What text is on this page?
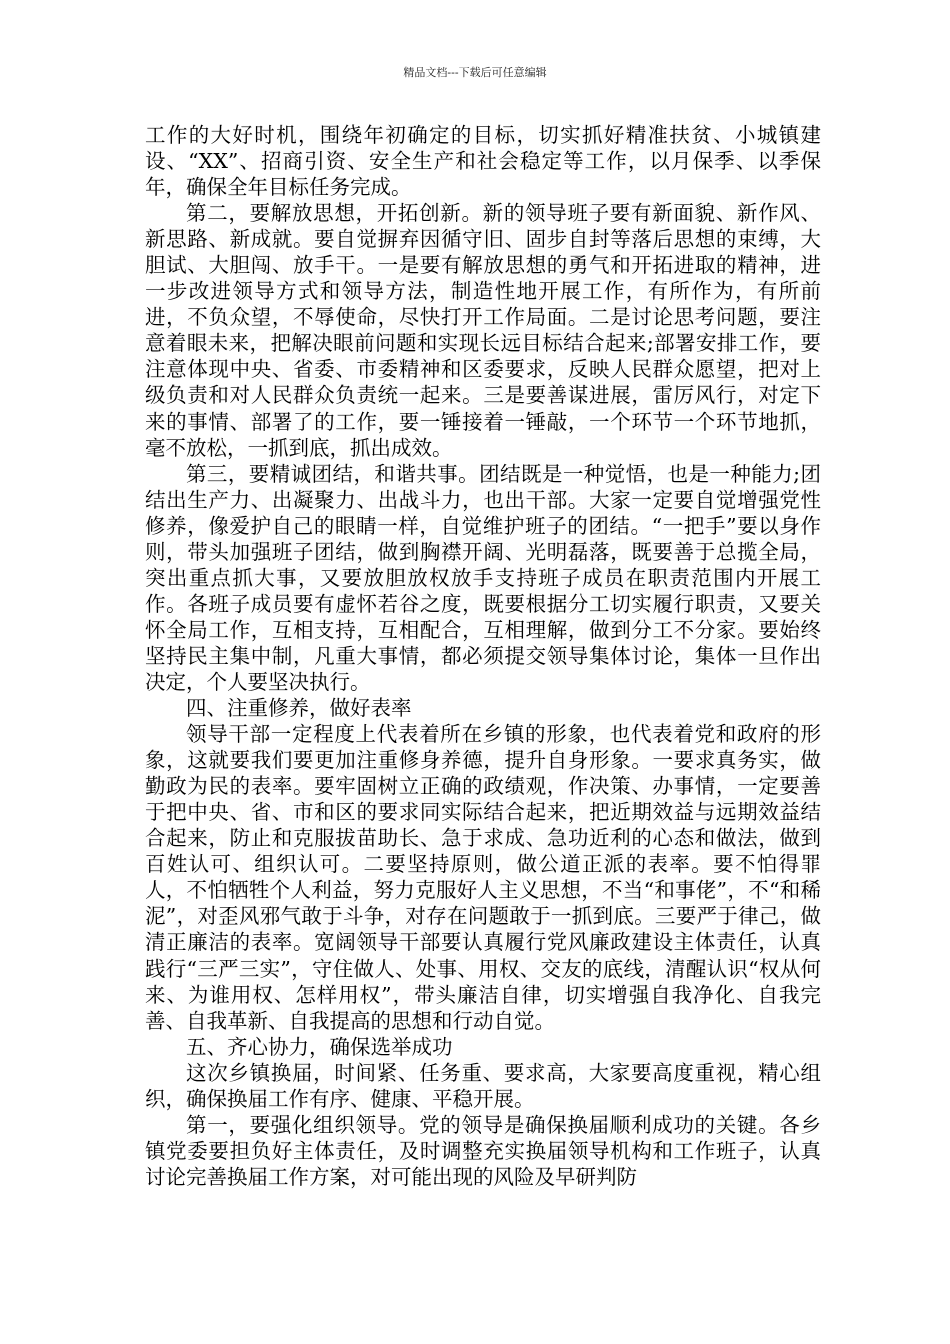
精品文档---下载后可任意编辑

工作的大好时机，围绕年初确定的目标，切实抓好精准扶贫、小城镇建设、“XX”、招商引资、安全生产和社会稳定等工作，以月保季、以季保年，确保全年目标任务完成。

第二，要解放思想，开拓创新。新的领导班子要有新面貌、新作风、新思路、新成就。要自觉摒弃因循守旧、固步自封等落后思想的束缚，大胆试、大胆闯、放手干。一是要有解放思想的勇气和开拓进取的精神，进一步改进领导方式和领导方法，制造性地开展工作，有所作为，有所前进，不负众望，不辱使命，尽快打开工作局面。二是讨论思考问题，要注意着眼未来，把解决眼前问题和实现长远目标结合起来;部署安排工作，要注意体现中央、省委、市委精神和区委要求，反映人民群众愿望，把对上级负责和对人民群众负责统一起来。三是要善谋进展，雷厉风行，对定下来的事情、部署了的工作，要一锤接着一锤敲，一个环节一个环节地抓，毫不放松，一抓到底，抓出成效。

第三，要精诚团结，和谐共事。团结既是一种觉悟，也是一种能力;团结出生产力、出凝聚力、出战斗力，也出干部。大家一定要自觉增强党性修养，像爱护自己的眼睛一样，自觉维护班子的团结。“一把手”要以身作则，带头加强班子团结，做到胸襟开阔、光明磊落，既要善于总揽全局，突出重点抓大事，又要放胆放权放手支持班子成员在职责范围内开展工作。各班子成员要有虚怀若谷之度，既要根据分工切实履行职责，又要关怀全局工作，互相支持，互相配合，互相理解，做到分工不分家。要始终坚持民主集中制，凡重大事情，都必须提交领导集体讨论，集体一旦作出决定，个人要坚决执行。

四、注重修养，做好表率

领导干部一定程度上代表着所在乡镇的形象，也代表着党和政府的形象，这就要我们要更加注重修身养德，提升自身形象。一要求真务实，做勤政为民的表率。要牢固树立正确的政绩观，作决策、办事情，一定要善于把中央、省、市和区的要求同实际结合起来，把近期效益与远期效益结合起来，防止和克服拔苗助长、急于求成、急功近利的心态和做法，做到百姓认可、组织认可。二要坚持原则，做公道正派的表率。要不怕得罪人，不怕牺牲个人利益，努力克服好人主义思想，不当“和事佬”，不“和稀泥”，对歪风邪气敢于斗争，对存在问题敢于一抓到底。三要严于律己，做清正廉洁的表率。宽阔领导干部要认真履行党风廉政建设主体责任，认真践行“三严三实”，守住做人、处事、用权、交友的底线，清醒认识“权从何来、为谁用权、怎样用权”，带头廉洁自律，切实增强自我净化、自我完善、自我革新、自我提高的思想和行动自觉。

五、齐心协力，确保选举成功

这次乡镇换届，时间紧、任务重、要求高，大家要高度重视，精心组织，确保换届工作有序、健康、平稳开展。

第一，要强化组织领导。党的领导是确保换届顺利成功的关键。各乡镇党委要担负好主体责任，及时调整充实换届领导机构和工作班子，认真讨论完善换届工作方案，对可能出现的风险及早研判防
